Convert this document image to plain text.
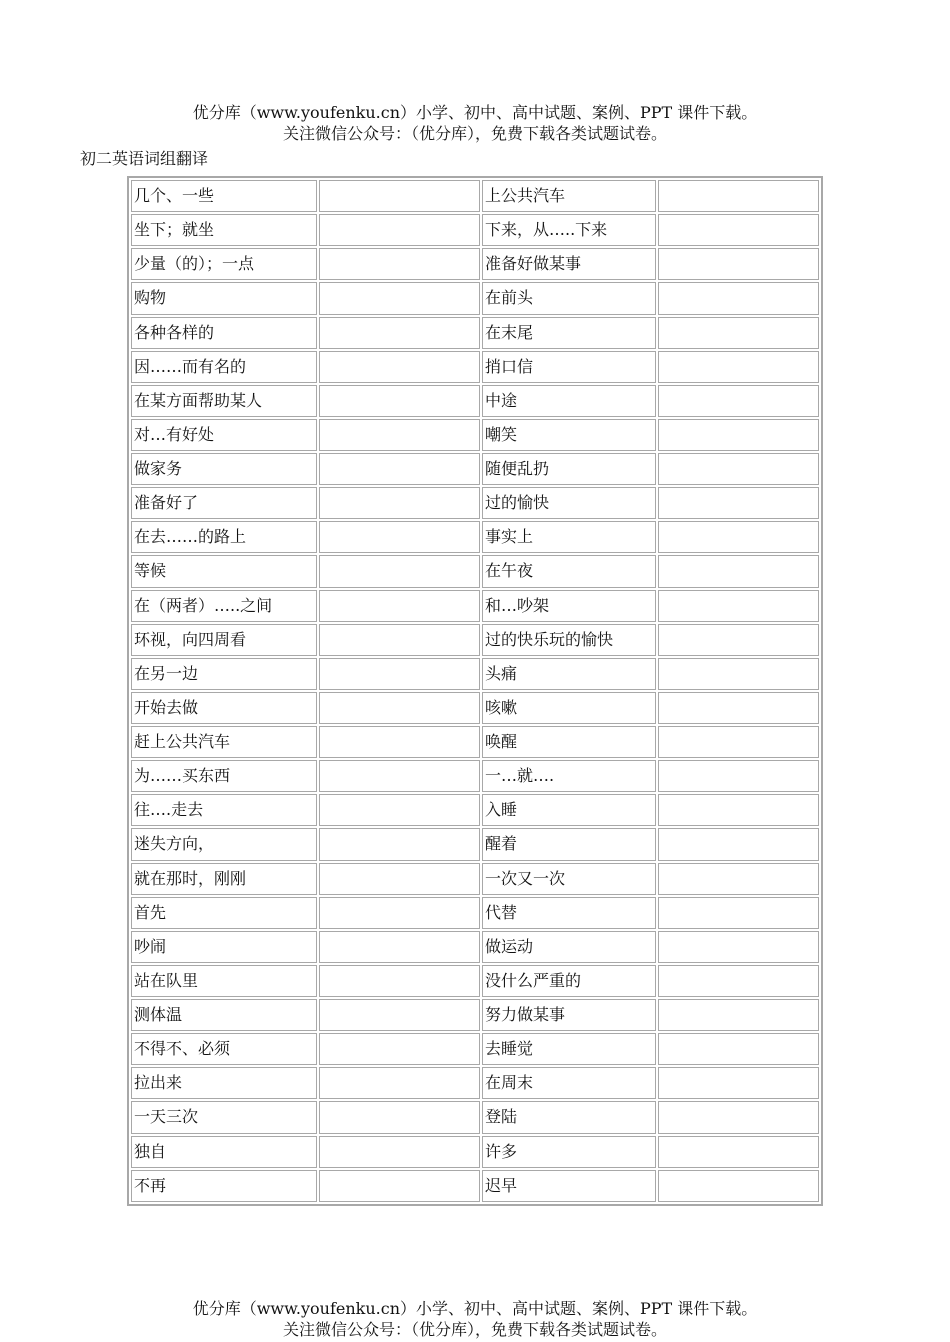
优分库（www.youfenku.cn）小学、初中、高中试题、案例、PPT 课件下载。
关注微信公众号：（优分库），免费下载各类试题试卷。
初二英语词组翻译
几个、一些		上公共汽车	
坐下；就坐		下来，从…..下来	
少量（的）；一点		准备好做某事	
购物		在前头	
各种各样的		在末尾	
因……而有名的		捎口信	
在某方面帮助某人		中途	
对…有好处		嘲笑	
做家务		随便乱扔	
准备好了		过的愉快	
在去……的路上		事实上	
等候		在午夜	
在（两者）…..之间		和…吵架	
环视，向四周看		过的快乐玩的愉快	
在另一边		头痛	
开始去做		咳嗽	
赶上公共汽车		唤醒	
为……买东西		一…就….	
往….走去		入睡	
迷失方向，		醒着	
就在那时，刚刚		一次又一次	
首先		代替	
吵闹		做运动	
站在队里		没什么严重的	
测体温		努力做某事	
不得不、必须		去睡觉	
拉出来		在周末	
一天三次		登陆	
独自		许多	
不再		迟早	
优分库（www.youfenku.cn）小学、初中、高中试题、案例、PPT 课件下载。
关注微信公众号：（优分库），免费下载各类试题试卷。
